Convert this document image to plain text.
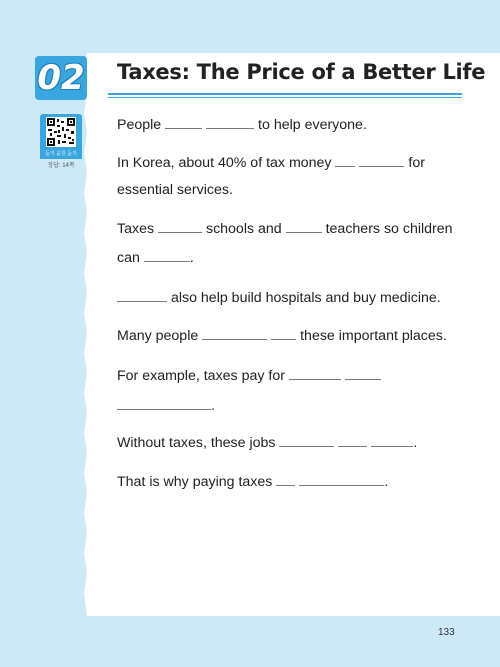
02 Taxes: The Price of a Better Life
듣기 음원 듣기
정답: 14쪽
People	to help everyone.
In Korea, about 40% of tax money	for
essential services.
Taxes	schools and	teachers so children
can	.
also help build hospitals and buy medicine.
Many people	these important places.
For example, taxes pay for
.
Without taxes, these jobs	.
That is why paying taxes	.
133
